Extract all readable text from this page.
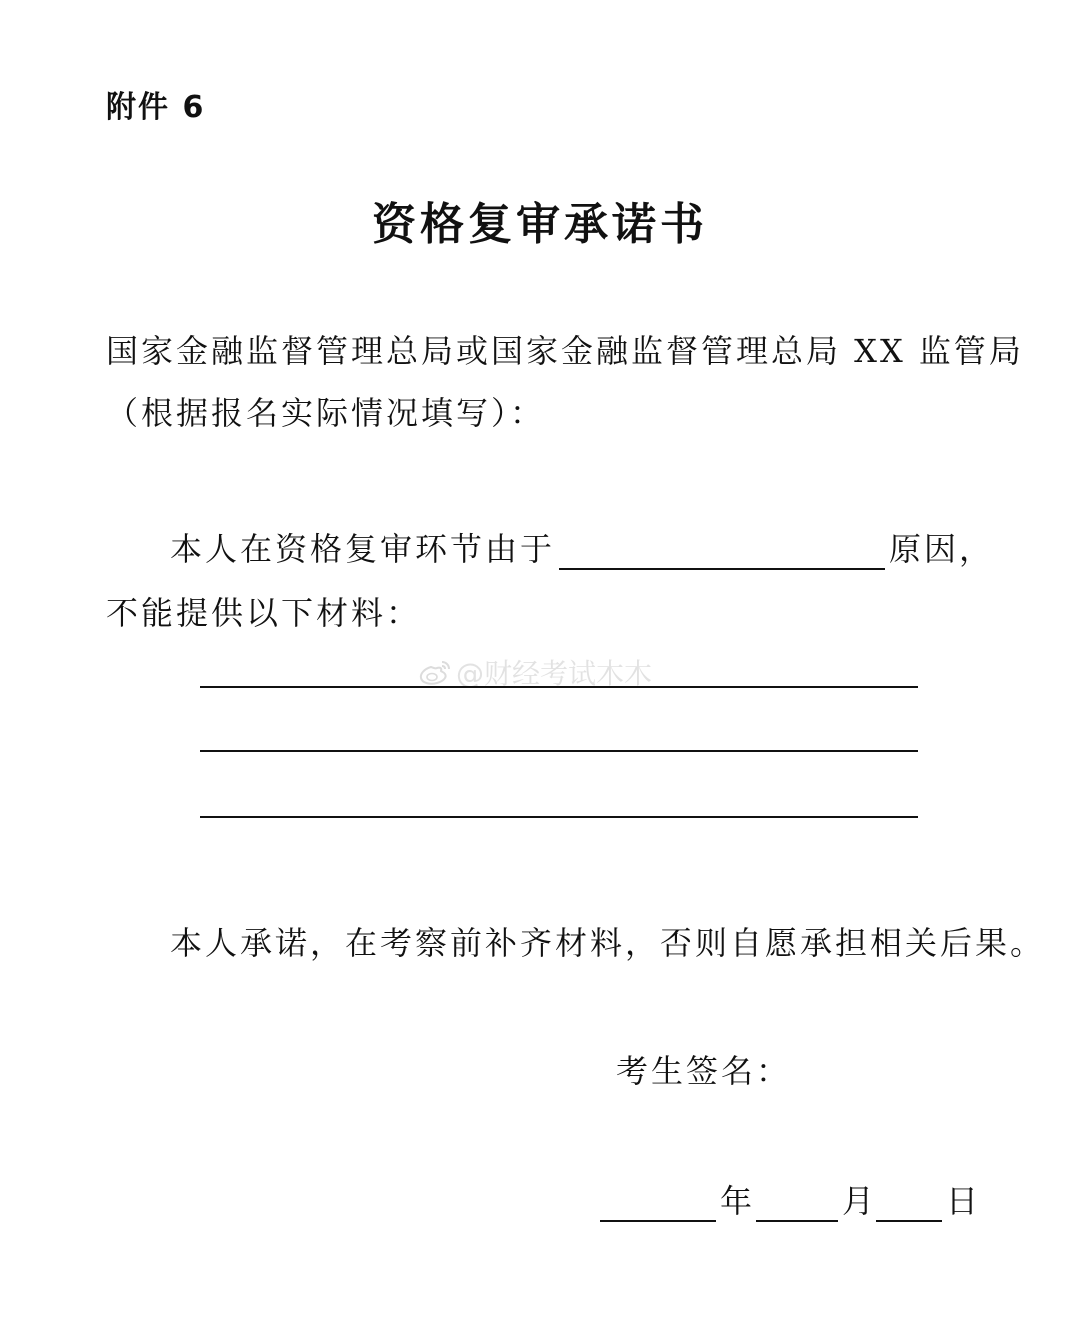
附件 6
资格复审承诺书
国家金融监督管理总局或国家金融监督管理总局 XX 监管局
（根据报名实际情况填写）：
本人在资格复审环节由于	原因，
不能提供以下材料：
@财经考试木木
本人承诺，在考察前补齐材料，否则自愿承担相关后果。
考生签名：
年	月 日
